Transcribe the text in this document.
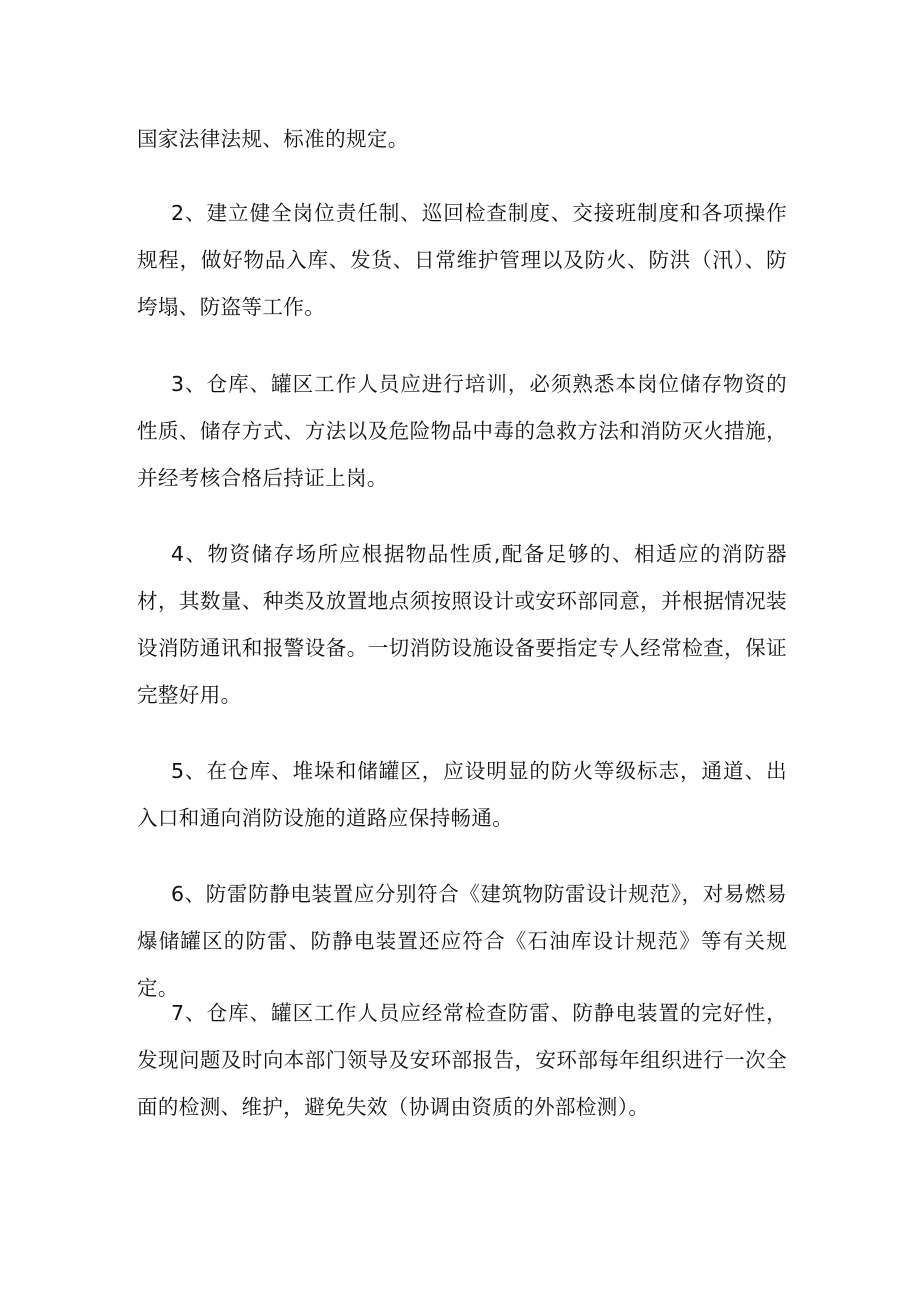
国家法律法规、标准的规定。

2、建立健全岗位责任制、巡回检查制度、交接班制度和各项操作规程，做好物品入库、发货、日常维护管理以及防火、防洪（汛）、防垮塌、防盗等工作。

3、仓库、罐区工作人员应进行培训，必须熟悉本岗位储存物资的性质、储存方式、方法以及危险物品中毒的急救方法和消防灭火措施，并经考核合格后持证上岗。

4、物资储存场所应根据物品性质,配备足够的、相适应的消防器材，其数量、种类及放置地点须按照设计或安环部同意，并根据情况装设消防通讯和报警设备。一切消防设施设备要指定专人经常检查，保证完整好用。

5、在仓库、堆垛和储罐区，应设明显的防火等级标志，通道、出入口和通向消防设施的道路应保持畅通。

6、防雷防静电装置应分别符合《建筑物防雷设计规范》，对易燃易爆储罐区的防雷、防静电装置还应符合《石油库设计规范》等有关规定。

7、仓库、罐区工作人员应经常检查防雷、防静电装置的完好性，发现问题及时向本部门领导及安环部报告，安环部每年组织进行一次全面的检测、维护，避免失效（协调由资质的外部检测）。
